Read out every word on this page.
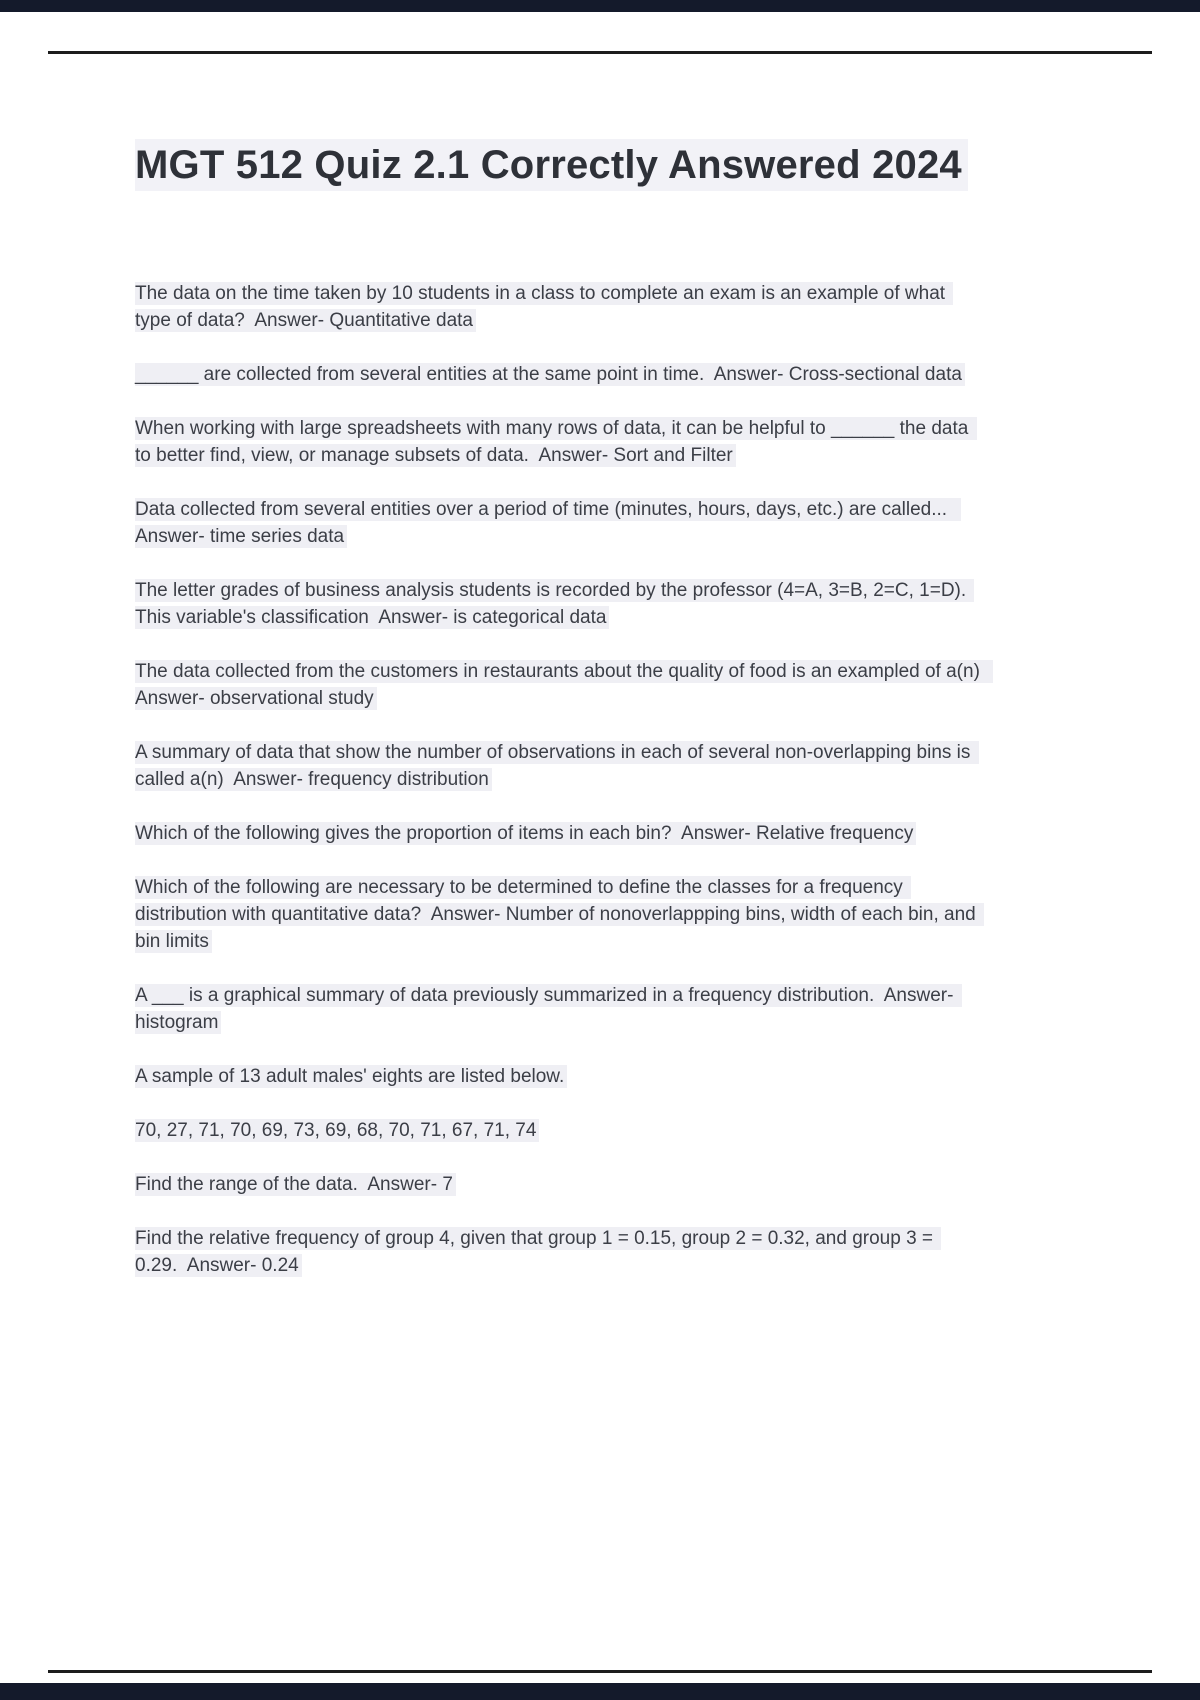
MGT 512 Quiz 2.1 Correctly Answered 2024

The data on the time taken by 10 students in a class to complete an exam is an example of what type of data?  Answer- Quantitative data

______ are collected from several entities at the same point in time.  Answer- Cross-sectional data

When working with large spreadsheets with many rows of data, it can be helpful to ______ the data to better find, view, or manage subsets of data.  Answer- Sort and Filter

Data collected from several entities over a period of time (minutes, hours, days, etc.) are called...  Answer- time series data

The letter grades of business analysis students is recorded by the professor (4=A, 3=B, 2=C, 1=D). This variable's classification  Answer- is categorical data

The data collected from the customers in restaurants about the quality of food is an exampled of a(n)  Answer- observational study

A summary of data that show the number of observations in each of several non-overlapping bins is called a(n)  Answer- frequency distribution

Which of the following gives the proportion of items in each bin?  Answer- Relative frequency

Which of the following are necessary to be determined to define the classes for a frequency distribution with quantitative data?  Answer- Number of nonoverlappping bins, width of each bin, and bin limits

A ___ is a graphical summary of data previously summarized in a frequency distribution.  Answer- histogram

A sample of 13 adult males' eights are listed below.

70, 27, 71, 70, 69, 73, 69, 68, 70, 71, 67, 71, 74

Find the range of the data.  Answer- 7

Find the relative frequency of group 4, given that group 1 = 0.15, group 2 = 0.32, and group 3 = 0.29.  Answer- 0.24
